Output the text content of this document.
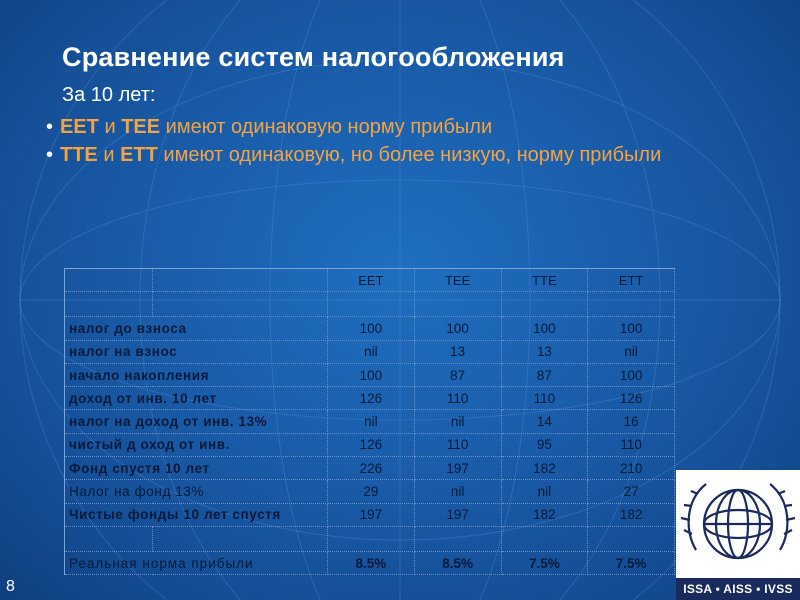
Сравнение систем налогообложения
За 10 лет:
• EET и TEE имеют одинаковую норму прибыли
• TTE и ETT имеют одинаковую, но более низкую, норму прибыли
		EET	TEE	TTE	ETT

налог до взноса		100	100	100	100
налог на взнос		nil	13	13	nil
начало накопления		100	87	87	100
доход от инв. 10 лет		126	110	110	126
налог на доход от инв. 13%		nil	nil	14	16
чистый д оход от инв.		126	110	95	110
Фонд спустя 10 лет		226	197	182	210
Налог на фонд 13%		29	nil	nil	27
Чистые фонды 10 лет спустя		197	197	182	182

Реальная норма прибыли		8.5%	8.5%	7.5%	7.5%
ISSA • AISS • IVSS
8
